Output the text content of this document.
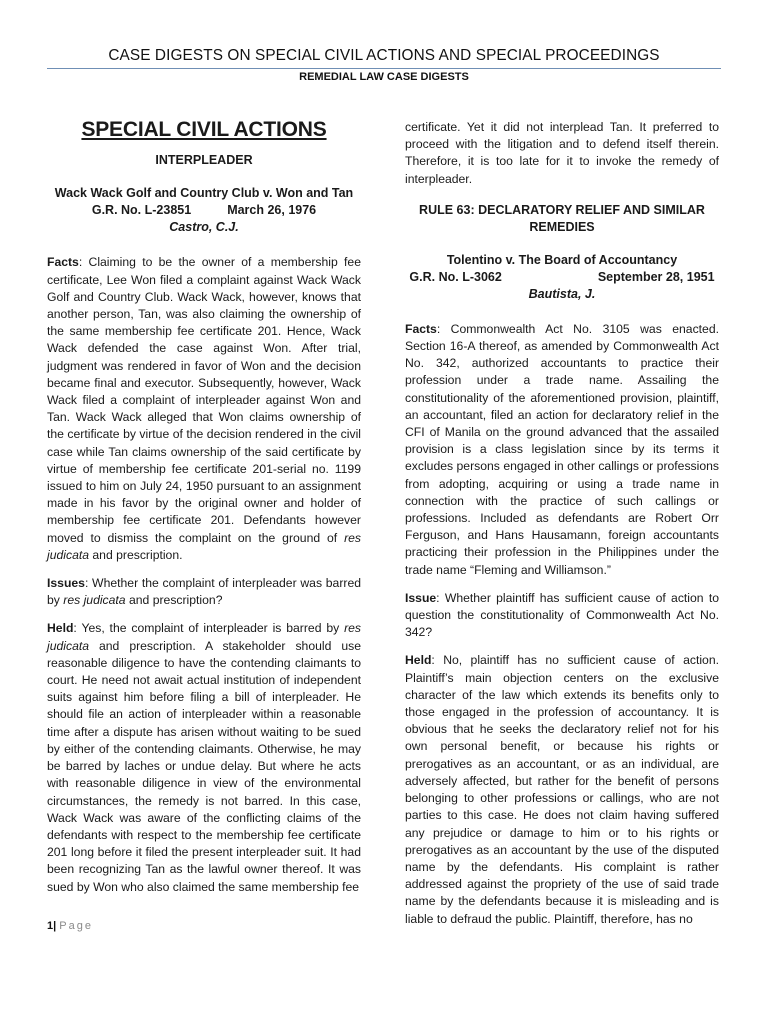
CASE DIGESTS ON SPECIAL CIVIL ACTIONS AND SPECIAL PROCEEDINGS
REMEDIAL LAW CASE DIGESTS

SPECIAL CIVIL ACTIONS

INTERPLEADER

Wack Wack Golf and Country Club v. Won and Tan
G.R. No. L-23851	March 26, 1976
Castro, C.J.

Facts: Claiming to be the owner of a membership fee certificate, Lee Won filed a complaint against Wack Wack Golf and Country Club. Wack Wack, however, knows that another person, Tan, was also claiming the ownership of the same membership fee certificate 201. Hence, Wack Wack defended the case against Won. After trial, judgment was rendered in favor of Won and the decision became final and executor. Subsequently, however, Wack Wack filed a complaint of interpleader against Won and Tan. Wack Wack alleged that Won claims ownership of the certificate by virtue of the decision rendered in the civil case while Tan claims ownership of the said certificate by virtue of membership fee certificate 201-serial no. 1199 issued to him on July 24, 1950 pursuant to an assignment made in his favor by the original owner and holder of membership fee certificate 201. Defendants however moved to dismiss the complaint on the ground of res judicata and prescription.

Issues: Whether the complaint of interpleader was barred by res judicata and prescription?

Held: Yes, the complaint of interpleader is barred by res judicata and prescription. A stakeholder should use reasonable diligence to have the contending claimants to court. He need not await actual institution of independent suits against him before filing a bill of interpleader. He should file an action of interpleader within a reasonable time after a dispute has arisen without waiting to be sued by either of the contending claimants. Otherwise, he may be barred by laches or undue delay. But where he acts with reasonable diligence in view of the environmental circumstances, the remedy is not barred. In this case, Wack Wack was aware of the conflicting claims of the defendants with respect to the membership fee certificate 201 long before it filed the present interpleader suit. It had been recognizing Tan as the lawful owner thereof. It was sued by Won who also claimed the same membership fee

certificate. Yet it did not interplead Tan. It preferred to proceed with the litigation and to defend itself therein. Therefore, it is too late for it to invoke the remedy of interpleader.

RULE 63: DECLARATORY RELIEF AND SIMILAR REMEDIES

Tolentino v. The Board of Accountancy
G.R. No. L-3062	September 28, 1951
Bautista, J.

Facts: Commonwealth Act No. 3105 was enacted. Section 16-A thereof, as amended by Commonwealth Act No. 342, authorized accountants to practice their profession under a trade name. Assailing the constitutionality of the aforementioned provision, plaintiff, an accountant, filed an action for declaratory relief in the CFI of Manila on the ground advanced that the assailed provision is a class legislation since by its terms it excludes persons engaged in other callings or professions from adopting, acquiring or using a trade name in connection with the practice of such callings or professions. Included as defendants are Robert Orr Ferguson, and Hans Hausamann, foreign accountants practicing their profession in the Philippines under the trade name “Fleming and Williamson.”

Issue: Whether plaintiff has sufficient cause of action to question the constitutionality of Commonwealth Act No. 342?

Held: No, plaintiff has no sufficient cause of action. Plaintiff’s main objection centers on the exclusive character of the law which extends its benefits only to those engaged in the profession of accountancy. It is obvious that he seeks the declaratory relief not for his own personal benefit, or because his rights or prerogatives as an accountant, or as an individual, are adversely affected, but rather for the benefit of persons belonging to other professions or callings, who are not parties to this case. He does not claim having suffered any prejudice or damage to him or to his rights or prerogatives as an accountant by the use of the disputed name by the defendants. His complaint is rather addressed against the propriety of the use of said trade name by the defendants because it is misleading and is liable to defraud the public. Plaintiff, therefore, has no

1| Page
